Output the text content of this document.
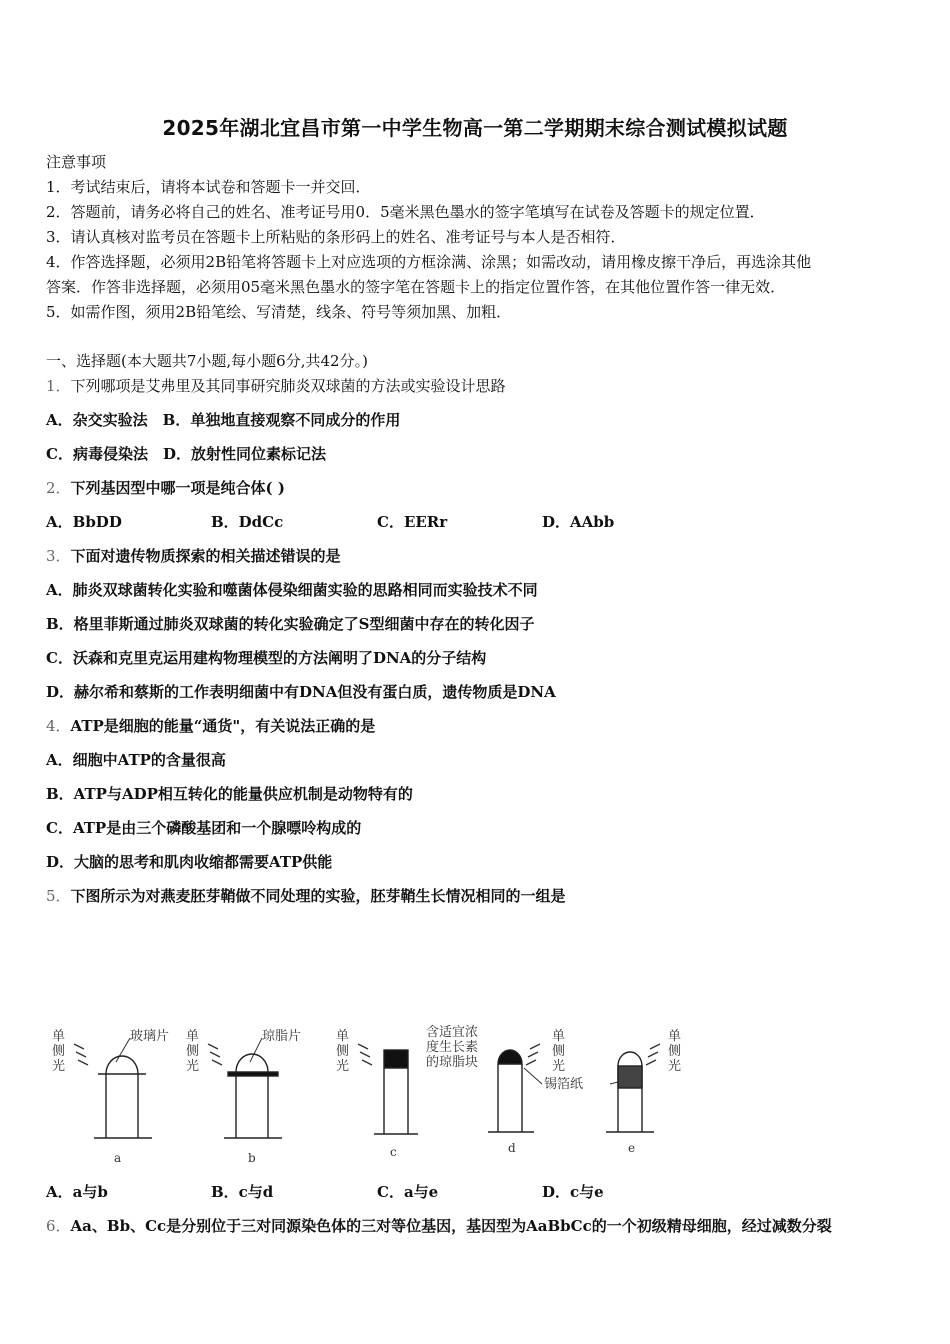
2025年湖北宜昌市第一中学生物高一第二学期期末综合测试模拟试题
注意事项
1．考试结束后，请将本试卷和答题卡一并交回．
2．答题前，请务必将自己的姓名、准考证号用0．5毫米黑色墨水的签字笔填写在试卷及答题卡的规定位置．
3．请认真核对监考员在答题卡上所粘贴的条形码上的姓名、准考证号与本人是否相符．
4．作答选择题，必须用2B铅笔将答题卡上对应选项的方框涂满、涂黑；如需改动，请用橡皮擦干净后，再选涂其他
答案．作答非选择题，必须用05毫米黑色墨水的签字笔在答题卡上的指定位置作答，在其他位置作答一律无效．
5．如需作图，须用2B铅笔绘、写清楚，线条、符号等须加黑、加粗．
一、选择题(本大题共7小题,每小题6分,共42分。)
1．下列哪项是艾弗里及其同事研究肺炎双球菌的方法或实验设计思路
A．杂交实验法　B．单独地直接观察不同成分的作用
C．病毒侵染法　D．放射性同位素标记法
2．下列基因型中哪一项是纯合体( )
A．BbDD	B．DdCc	C．EERr	D．AAbb
3．下面对遗传物质探索的相关描述错误的是
A．肺炎双球菌转化实验和噬菌体侵染细菌实验的思路相同而实验技术不同
B．格里菲斯通过肺炎双球菌的转化实验确定了S型细菌中存在的转化因子
C．沃森和克里克运用建构物理模型的方法阐明了DNA的分子结构
D．赫尔希和蔡斯的工作表明细菌中有DNA但没有蛋白质，遗传物质是DNA
4．ATP是细胞的能量“通货"，有关说法正确的是
A．细胞中ATP的含量很高
B．ATP与ADP相互转化的能量供应机制是动物特有的
C．ATP是由三个磷酸基团和一个腺嘌呤构成的
D．大脑的思考和肌肉收缩都需要ATP供能
5．下图所示为对燕麦胚芽鞘做不同处理的实验，胚芽鞘生长情况相同的一组是
单侧光
玻璃片
a
单侧光
琼脂片
b
单侧光
含适宜浓度生长素的琼脂块
c
单侧光
锡箔纸
d
单侧光
e
A．a与b	B．c与d	C．a与e	D．c与e
6．Aa、Bb、Cc是分别位于三对同源染色体的三对等位基因，基因型为AaBbCc的一个初级精母细胞，经过减数分裂
